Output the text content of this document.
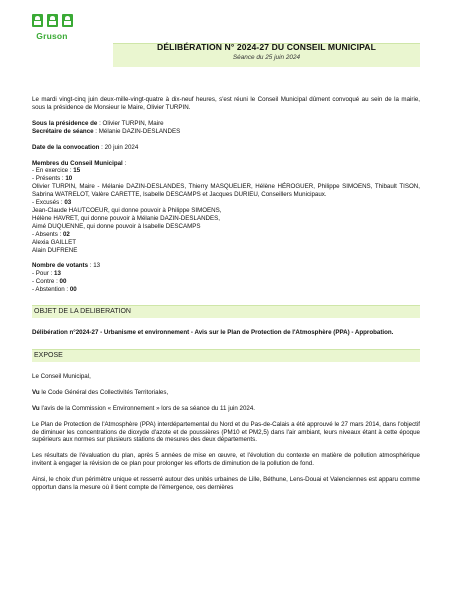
Gruson
DÉLIBÉRATION N° 2024-27 DU CONSEIL MUNICIPAL
Séance du 25 juin 2024

Le mardi vingt-cinq juin deux-mille-vingt-quatre à dix-neuf heures, s'est réuni le Conseil Municipal dûment convoqué au sein de la mairie, sous la présidence de Monsieur le Maire, Olivier TURPIN.

Sous la présidence de : Olivier TURPIN, Maire

Secrétaire de séance : Mélanie DAZIN-DESLANDES

Date de la convocation : 20 juin 2024

Membres du Conseil Municipal :

- En exercice : 15

- Présents : 10

Olivier TURPIN, Maire - Mélanie DAZIN-DESLANDES, Thierry MASQUELIER, Hélène HÉROGUER, Philippe SIMOENS, Thibault TISON, Sabrina WATRELOT, Valère CARETTE, Isabelle DESCAMPS et Jacques DURIEU, Conseillers Municipaux.

- Excusés : 03

Jean-Claude HAUTCOEUR, qui donne pouvoir à Philippe SIMOENS,

Hélène HAVRET, qui donne pouvoir à Mélanie DAZIN-DESLANDES,

Aimé DUQUENNE, qui donne pouvoir à Isabelle DESCAMPS

- Absents : 02

Alexia GAILLET

Alain DUFRENE

Nombre de votants : 13

- Pour : 13

- Contre : 00

- Abstention : 00

OBJET DE LA DELIBERATION

Délibération n°2024-27 - Urbanisme et environnement - Avis sur le Plan de Protection de l'Atmosphère (PPA) - Approbation.

EXPOSE

Le Conseil Municipal,

Vu le Code Général des Collectivités Territoriales,

Vu l'avis de la Commission « Environnement » lors de sa séance du 11 juin 2024.

Le Plan de Protection de l'Atmosphère (PPA) interdépartemental du Nord et du Pas-de-Calais a été approuvé le 27 mars 2014, dans l'objectif de diminuer les concentrations de dioxyde d'azote et de poussières (PM10 et PM2,5) dans l'air ambiant, leurs niveaux étant à cette époque supérieurs aux normes sur plusieurs stations de mesures des deux départements.

Les résultats de l'évaluation du plan, après 5 années de mise en œuvre, et l'évolution du contexte en matière de pollution atmosphérique invitent à engager la révision de ce plan pour prolonger les efforts de diminution de la pollution de fond.

Ainsi, le choix d'un périmètre unique et resserré autour des unités urbaines de Lille, Béthune, Lens-Douai et Valenciennes est apparu comme opportun dans la mesure où il tient compte de l'émergence, ces dernières
